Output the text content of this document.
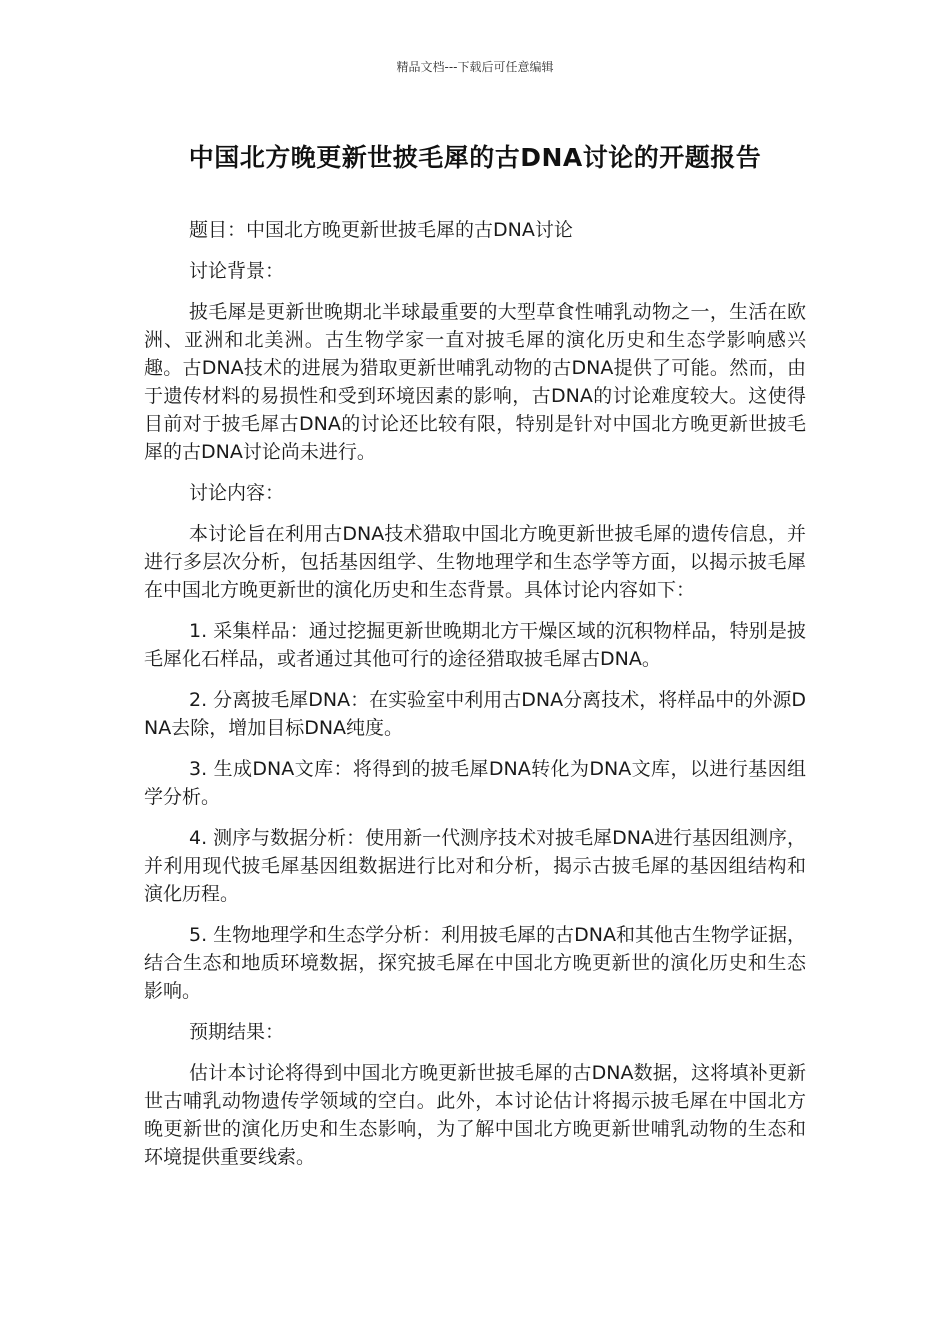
精品文档---下载后可任意编辑
中国北方晚更新世披毛犀的古DNA讨论的开题报告

题目：中国北方晚更新世披毛犀的古DNA讨论

讨论背景：

披毛犀是更新世晚期北半球最重要的大型草食性哺乳动物之一，生活在欧洲、亚洲和北美洲。古生物学家一直对披毛犀的演化历史和生态学影响感兴趣。古DNA技术的进展为猎取更新世哺乳动物的古DNA提供了可能。然而，由于遗传材料的易损性和受到环境因素的影响，古DNA的讨论难度较大。这使得目前对于披毛犀古DNA的讨论还比较有限，特别是针对中国北方晚更新世披毛犀的古DNA讨论尚未进行。

讨论内容：

本讨论旨在利用古DNA技术猎取中国北方晚更新世披毛犀的遗传信息，并进行多层次分析，包括基因组学、生物地理学和生态学等方面，以揭示披毛犀在中国北方晚更新世的演化历史和生态背景。具体讨论内容如下：

1. 采集样品：通过挖掘更新世晚期北方干燥区域的沉积物样品，特别是披毛犀化石样品，或者通过其他可行的途径猎取披毛犀古DNA。

2. 分离披毛犀DNA：在实验室中利用古DNA分离技术，将样品中的外源DNA去除，增加目标DNA纯度。

3. 生成DNA文库：将得到的披毛犀DNA转化为DNA文库，以进行基因组学分析。

4. 测序与数据分析：使用新一代测序技术对披毛犀DNA进行基因组测序，并利用现代披毛犀基因组数据进行比对和分析，揭示古披毛犀的基因组结构和演化历程。

5. 生物地理学和生态学分析：利用披毛犀的古DNA和其他古生物学证据，结合生态和地质环境数据，探究披毛犀在中国北方晚更新世的演化历史和生态影响。

预期结果：

估计本讨论将得到中国北方晚更新世披毛犀的古DNA数据，这将填补更新世古哺乳动物遗传学领域的空白。此外，本讨论估计将揭示披毛犀在中国北方晚更新世的演化历史和生态影响，为了解中国北方晚更新世哺乳动物的生态和环境提供重要线索。
